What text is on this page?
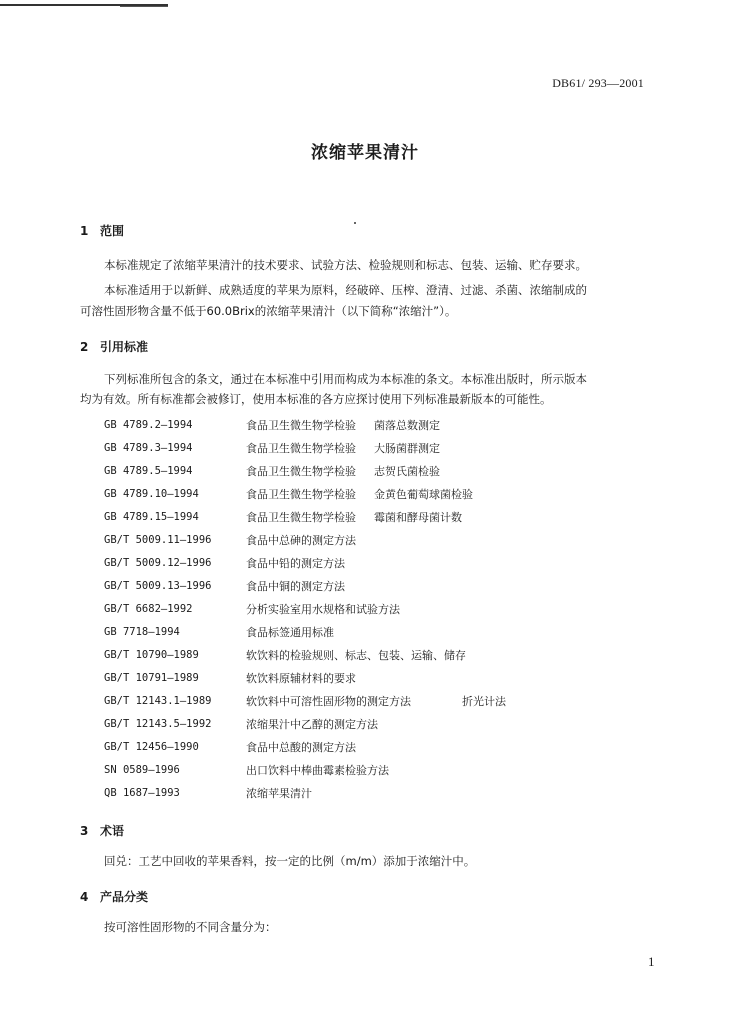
DB61/ 293—2001
浓缩苹果清汁
1 范围
本标准规定了浓缩苹果清汁的技术要求、试验方法、检验规则和标志、包装、运输、贮存要求。
本标准适用于以新鲜、成熟适度的苹果为原料，经破碎、压榨、澄清、过滤、杀菌、浓缩制成的
可溶性固形物含量不低于60.0Brix的浓缩苹果清汁（以下简称“浓缩汁”）。
2 引用标准
下列标准所包含的条文，通过在本标准中引用而构成为本标准的条文。本标准出版时，所示版本
均为有效。所有标准都会被修订，使用本标准的各方应探讨使用下列标准最新版本的可能性。
GB 4789.2—1994	食品卫生微生物学检验 菌落总数测定
GB 4789.3—1994	食品卫生微生物学检验 大肠菌群测定
GB 4789.5—1994	食品卫生微生物学检验 志贺氏菌检验
GB 4789.10—1994	食品卫生微生物学检验 金黄色葡萄球菌检验
GB 4789.15—1994	食品卫生微生物学检验 霉菌和酵母菌计数
GB/T 5009.11—1996	食品中总砷的测定方法
GB/T 5009.12—1996	食品中铅的测定方法
GB/T 5009.13—1996	食品中铜的测定方法
GB/T 6682—1992	分析实验室用水规格和试验方法
GB 7718—1994	食品标签通用标准
GB/T 10790—1989	软饮料的检验规则、标志、包装、运输、储存
GB/T 10791—1989	软饮料原辅材料的要求
GB/T 12143.1—1989	软饮料中可溶性固形物的测定方法	折光计法
GB/T 12143.5—1992	浓缩果汁中乙醇的测定方法
GB/T 12456—1990	食品中总酸的测定方法
SN 0589—1996	出口饮料中棒曲霉素检验方法
QB 1687—1993	浓缩苹果清汁
3 术语
回兑：工艺中回收的苹果香料，按一定的比例（m/m）添加于浓缩汁中。
4 产品分类
按可溶性固形物的不同含量分为：
1
